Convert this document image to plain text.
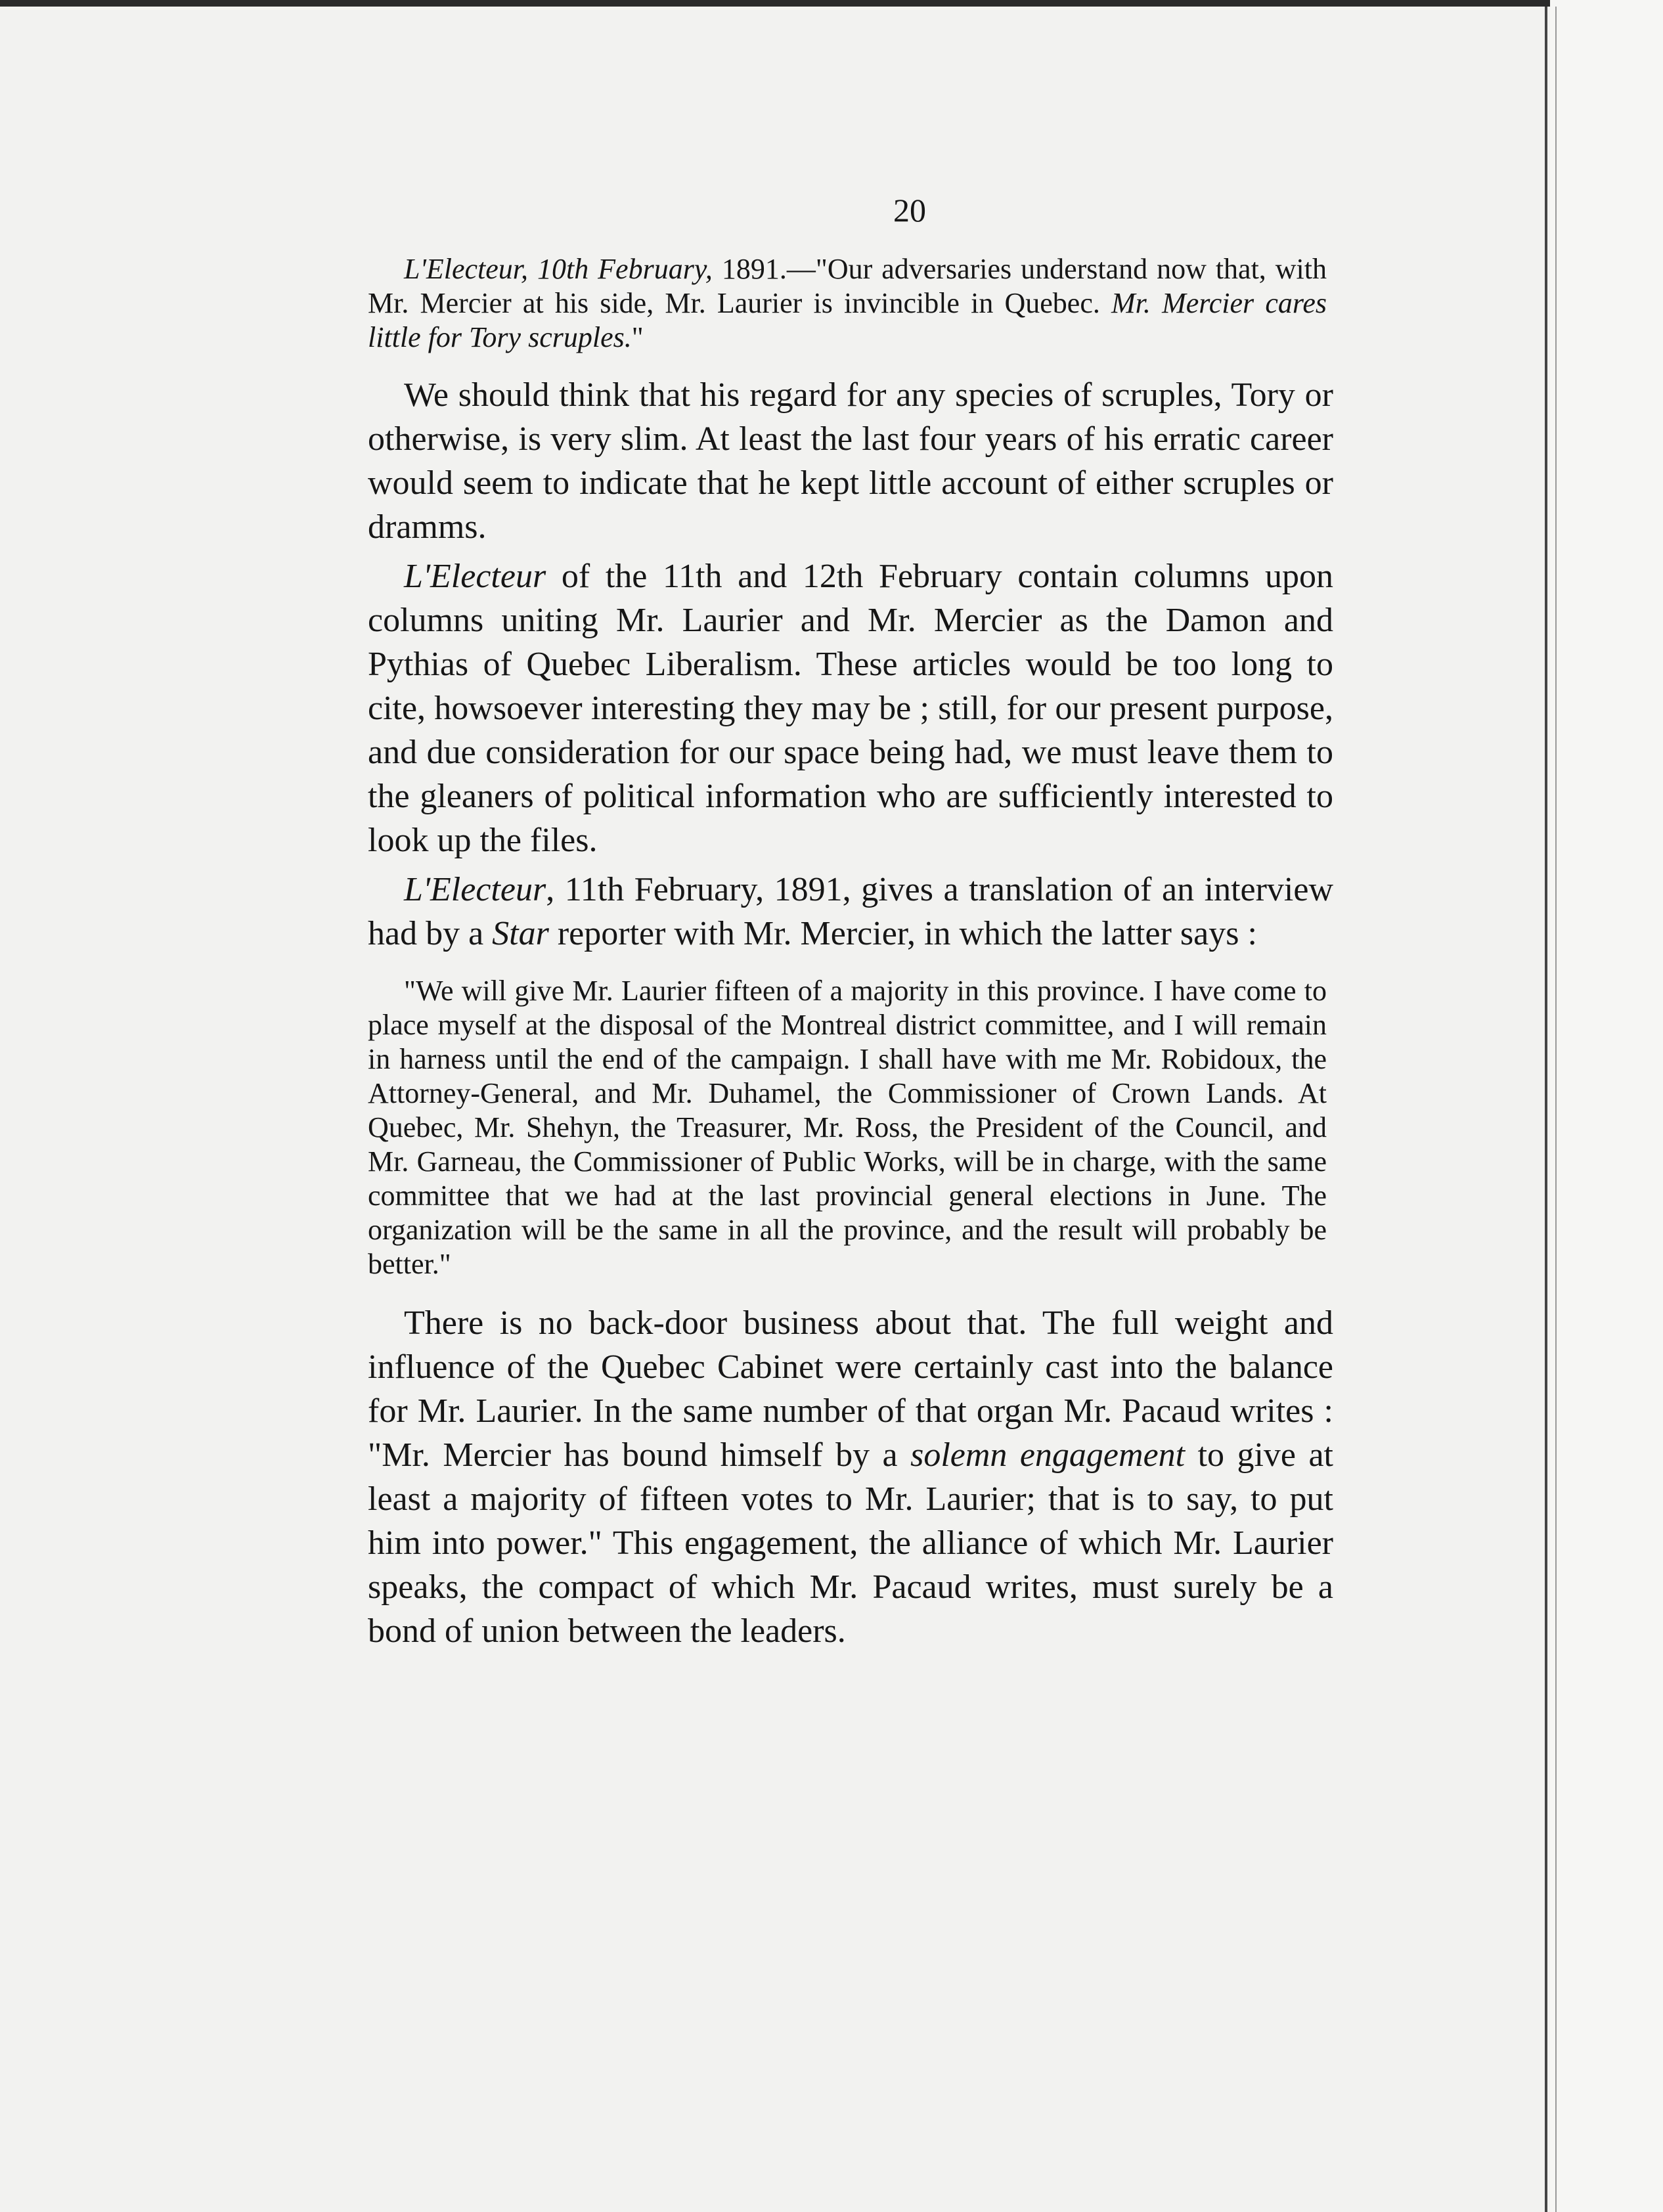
20

L'Electeur, 10th February, 1891.—"Our adversaries understand now that, with Mr. Mercier at his side, Mr. Laurier is invincible in Quebec. Mr. Mercier cares little for Tory scruples."

We should think that his regard for any species of scruples, Tory or otherwise, is very slim. At least the last four years of his erratic career would seem to indicate that he kept little account of either scruples or dramms.

L'Electeur of the 11th and 12th February contain columns upon columns uniting Mr. Laurier and Mr. Mercier as the Damon and Pythias of Quebec Liberalism. These articles would be too long to cite, howsoever interesting they may be ; still, for our present purpose, and due consideration for our space being had, we must leave them to the gleaners of political information who are sufficiently interested to look up the files.

L'Electeur, 11th February, 1891, gives a translation of an interview had by a Star reporter with Mr. Mercier, in which the latter says :

"We will give Mr. Laurier fifteen of a majority in this province. I have come to place myself at the disposal of the Montreal district committee, and I will remain in harness until the end of the campaign. I shall have with me Mr. Robidoux, the Attorney-General, and Mr. Duhamel, the Commissioner of Crown Lands. At Quebec, Mr. Shehyn, the Treasurer, Mr. Ross, the President of the Council, and Mr. Garneau, the Commissioner of Public Works, will be in charge, with the same committee that we had at the last provincial general elections in June. The organization will be the same in all the province, and the result will probably be better."

There is no back-door business about that. The full weight and influence of the Quebec Cabinet were certainly cast into the balance for Mr. Laurier. In the same number of that organ Mr. Pacaud writes : "Mr. Mercier has bound himself by a solemn engagement to give at least a majority of fifteen votes to Mr. Laurier; that is to say, to put him into power." This engagement, the alliance of which Mr. Laurier speaks, the compact of which Mr. Pacaud writes, must surely be a bond of union between the leaders.
